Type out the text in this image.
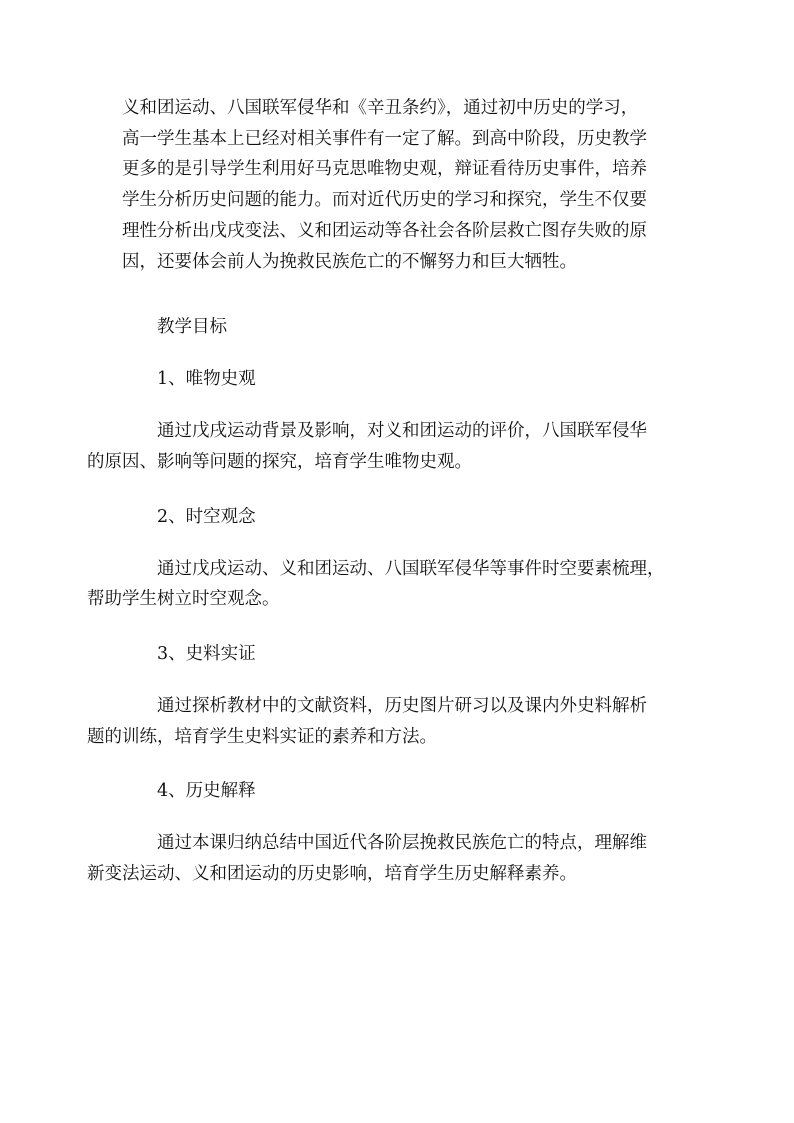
义和团运动、八国联军侵华和《辛丑条约》，通过初中历史的学习，
高一学生基本上已经对相关事件有一定了解。到高中阶段，历史教学
更多的是引导学生利用好马克思唯物史观，辩证看待历史事件，培养
学生分析历史问题的能力。而对近代历史的学习和探究，学生不仅要
理性分析出戊戌变法、义和团运动等各社会各阶层救亡图存失败的原
因，还要体会前人为挽救民族危亡的不懈努力和巨大牺牲。

教学目标

1、唯物史观

通过戊戌运动背景及影响，对义和团运动的评价，八国联军侵华
的原因、影响等问题的探究，培育学生唯物史观。

2、时空观念

通过戊戌运动、义和团运动、八国联军侵华等事件时空要素梳理，
帮助学生树立时空观念。

3、史料实证

通过探析教材中的文献资料，历史图片研习以及课内外史料解析
题的训练，培育学生史料实证的素养和方法。

4、历史解释

通过本课归纳总结中国近代各阶层挽救民族危亡的特点，理解维
新变法运动、义和团运动的历史影响，培育学生历史解释素养。
